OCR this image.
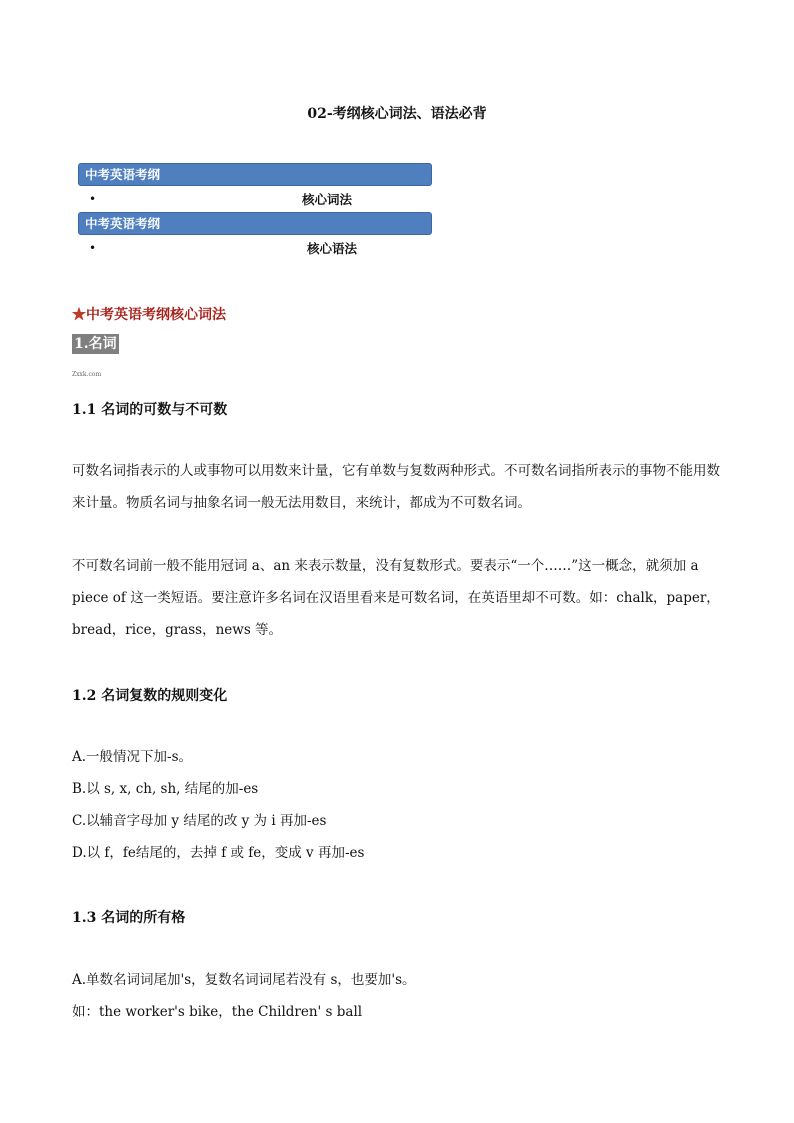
02-考纲核心词法、语法必背
中考英语考纲
•	核心词法
中考英语考纲
•	核心语法
★中考英语考纲核心词法
1.名词
Zxxk.com
1.1 名词的可数与不可数
可数名词指表示的人或事物可以用数来计量，它有单数与复数两种形式。不可数名词指所表示的事物不能用数来计量。物质名词与抽象名词一般无法用数目，来统计，都成为不可数名词。
不可数名词前一般不能用冠词 a、an 来表示数量，没有复数形式。要表示“一个……”这一概念，就须加 a piece of 这一类短语。要注意许多名词在汉语里看来是可数名词，在英语里却不可数。如：chalk，paper，bread，rice，grass，news 等。
1.2 名词复数的规则变化
A.一般情况下加-s。
B.以 s, x, ch, sh, 结尾的加-es
C.以辅音字母加 y 结尾的改 y 为 i 再加-es
D.以 f，fe结尾的，去掉 f 或 fe，变成 v 再加-es
1.3 名词的所有格
A.单数名词词尾加's，复数名词词尾若没有 s，也要加's。
如：the worker's bike，the Children' s ball
